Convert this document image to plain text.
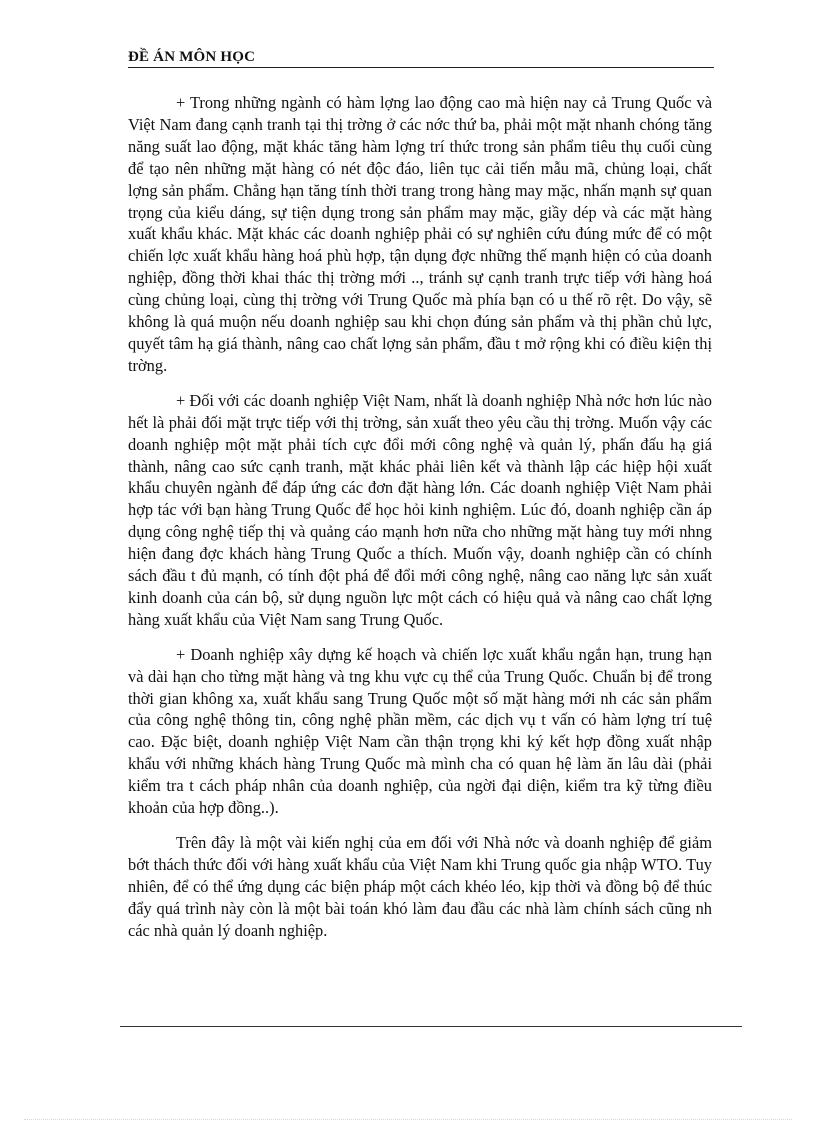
ĐỀ ÁN MÔN HỌC

+ Trong những ngành có hàm lợng lao động cao mà hiện nay cả Trung Quốc và Việt Nam đang cạnh tranh tại thị trờng ở các nớc thứ ba, phải một mặt nhanh chóng tăng năng suất lao động, mặt khác tăng hàm lợng trí thức trong sản phẩm tiêu thụ cuối cùng để tạo nên những mặt hàng có nét độc đáo, liên tục cải tiến mẫu mã, chủng loại, chất lợng sản phẩm. Chẳng hạn tăng tính thời trang trong hàng may mặc, nhấn mạnh sự quan trọng của kiểu dáng, sự tiện dụng trong sản phẩm may mặc, giầy dép và các mặt hàng xuất khẩu khác. Mặt khác các doanh nghiệp phải có sự nghiên cứu đúng mức để có một chiến lợc xuất khẩu hàng hoá phù hợp, tận dụng đợc những thế mạnh hiện có của doanh nghiệp, đồng thời khai thác thị trờng mới .., tránh sự cạnh tranh trực tiếp với hàng hoá cùng chủng loại, cùng thị trờng với Trung Quốc mà phía bạn có u thế rõ rệt. Do vậy, sẽ không là quá muộn nếu doanh nghiệp sau khi chọn đúng sản phẩm và thị phần chủ lực, quyết tâm hạ giá thành, nâng cao chất lợng sản phẩm, đầu t mở rộng khi có điều kiện thị trờng.

+ Đối với các doanh nghiệp Việt Nam, nhất là doanh nghiệp Nhà nớc hơn lúc nào hết là phải đối mặt trực tiếp với thị trờng, sản xuất theo yêu cầu thị trờng. Muốn vậy các doanh nghiệp một mặt phải tích cực đổi mới công nghệ và quản lý, phấn đấu hạ giá thành, nâng cao sức cạnh tranh, mặt khác phải liên kết và thành lập các hiệp hội xuất khẩu chuyên ngành để đáp ứng các đơn đặt hàng lớn. Các doanh nghiệp Việt Nam phải hợp tác với bạn hàng Trung Quốc để học hỏi kinh nghiệm. Lúc đó, doanh nghiệp cần áp dụng công nghệ tiếp thị và quảng cáo mạnh hơn nữa cho những mặt hàng tuy mới nhng hiện đang đợc khách hàng Trung Quốc a thích. Muốn vậy, doanh nghiệp cần có chính sách đầu t đủ mạnh, có tính đột phá để đổi mới công nghệ, nâng cao năng lực sản xuất kinh doanh của cán bộ, sử dụng nguồn lực một cách có hiệu quả và nâng cao chất lợng hàng xuất khẩu của Việt Nam sang Trung Quốc.

+ Doanh nghiệp xây dựng kế hoạch và chiến lợc xuất khẩu ngắn hạn, trung hạn và dài hạn cho từng mặt hàng và tng khu vực cụ thể của Trung Quốc. Chuẩn bị để trong thời gian không xa, xuất khẩu sang Trung Quốc một số mặt hàng mới nh các sản phẩm của công nghệ thông tin, công nghệ phần mềm, các dịch vụ t vấn có hàm lợng trí tuệ cao. Đặc biệt, doanh nghiệp Việt Nam cần thận trọng khi ký kết hợp đồng xuất nhập khẩu với những khách hàng Trung Quốc mà mình cha có quan hệ làm ăn lâu dài (phải kiểm tra t cách pháp nhân của doanh nghiệp, của ngời đại diện, kiểm tra kỹ từng điều khoản của hợp đồng..).

Trên đây là một vài kiến nghị của em đối với Nhà nớc và doanh nghiệp để giảm bớt thách thức đối với hàng xuất khẩu của Việt Nam khi Trung quốc gia nhập WTO. Tuy nhiên, để có thể ứng dụng các biện pháp một cách khéo léo, kịp thời và đồng bộ để thúc đẩy quá trình này còn là một bài toán khó làm đau đầu các nhà làm chính sách cũng nh các nhà quản lý doanh nghiệp.
